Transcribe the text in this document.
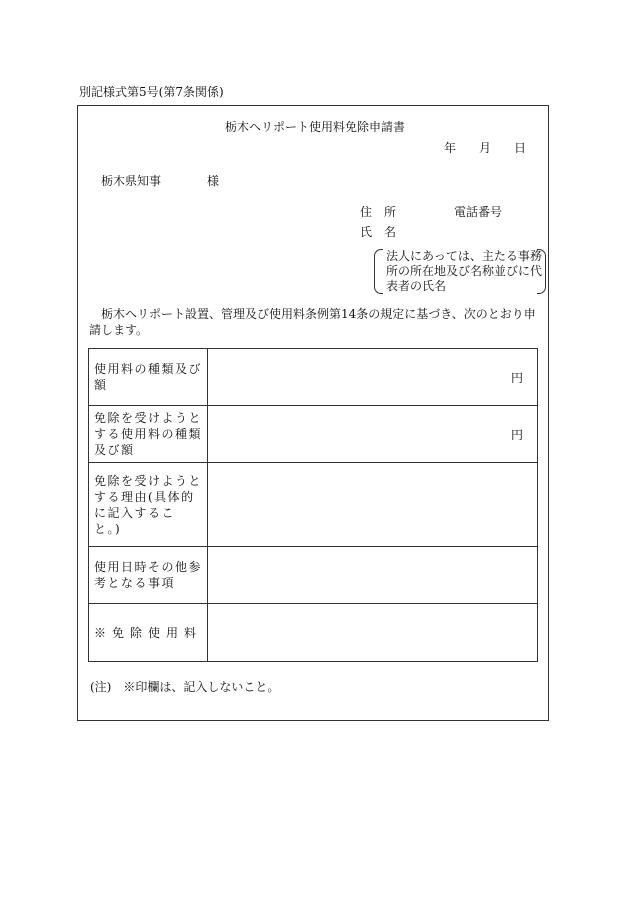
別記様式第5号(第7条関係)
栃木ヘリポート使用料免除申請書
年 月 日
栃木県知事	様
住　所	電話番号
氏　名
法人にあっては、主たる事務所の所在地及び名称並びに代表者の氏名
栃木ヘリポート設置、管理及び使用料条例第14条の規定に基づき、次のとおり申請します。
使用料の種類及び額	円
免除を受けようとする使用料の種類及び額	円
免除を受けようとする理由(具体的に記入すること。)	
使用日時その他参考となる事項	
※免除使用料	
(注)　※印欄は、記入しないこと。
